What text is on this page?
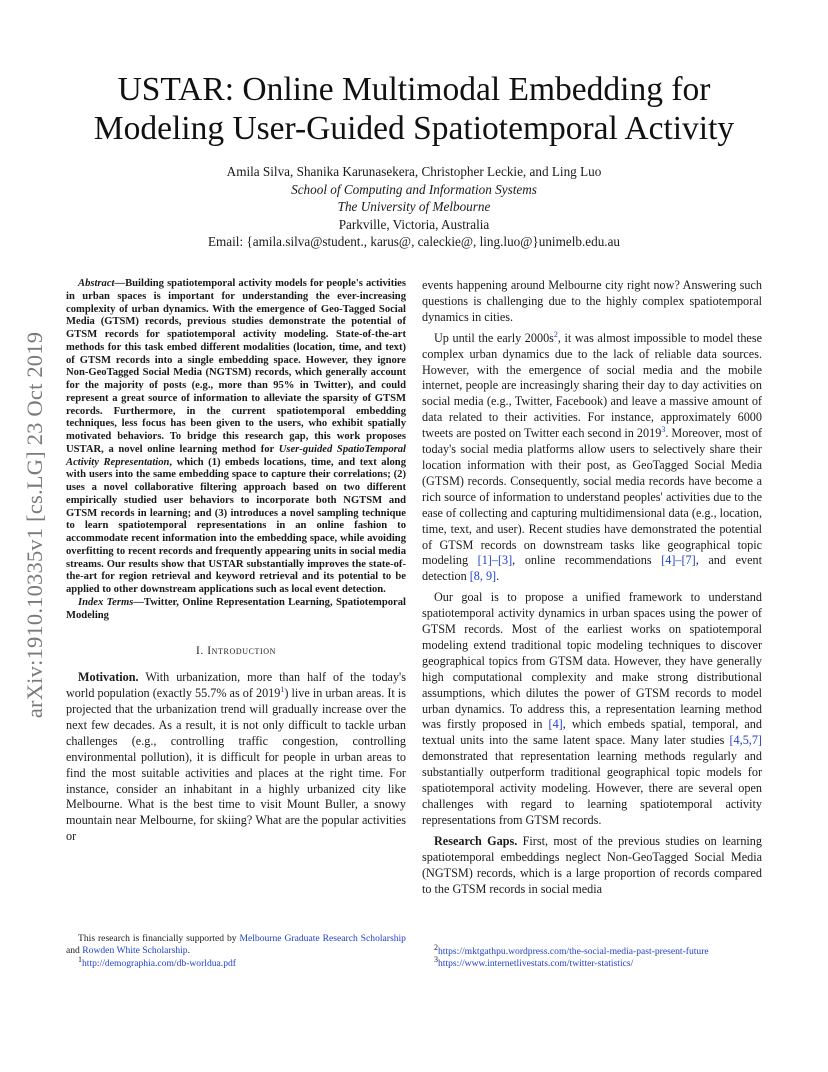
arXiv:1910.10335v1 [cs.LG] 23 Oct 2019
USTAR: Online Multimodal Embedding for
Modeling User-Guided Spatiotemporal Activity
Amila Silva, Shanika Karunasekera, Christopher Leckie, and Ling Luo
School of Computing and Information Systems
The University of Melbourne
Parkville, Victoria, Australia
Email: {amila.silva@student., karus@, caleckie@, ling.luo@}unimelb.edu.au

Abstract—Building spatiotemporal activity models for people's activities in urban spaces is important for understanding the ever-increasing complexity of urban dynamics. With the emergence of Geo-Tagged Social Media (GTSM) records, previous studies demonstrate the potential of GTSM records for spatiotemporal activity modeling. State-of-the-art methods for this task embed different modalities (location, time, and text) of GTSM records into a single embedding space. However, they ignore Non-GeoTagged Social Media (NGTSM) records, which generally account for the majority of posts (e.g., more than 95% in Twitter), and could represent a great source of information to alleviate the sparsity of GTSM records. Furthermore, in the current spatiotemporal embedding techniques, less focus has been given to the users, who exhibit spatially motivated behaviors. To bridge this research gap, this work proposes USTAR, a novel online learning method for User-guided SpatioTemporal Activity Representation, which (1) embeds locations, time, and text along with users into the same embedding space to capture their correlations; (2) uses a novel collaborative filtering approach based on two different empirically studied user behaviors to incorporate both NGTSM and GTSM records in learning; and (3) introduces a novel sampling technique to learn spatiotemporal representations in an online fashion to accommodate recent information into the embedding space, while avoiding overfitting to recent records and frequently appearing units in social media streams. Our results show that USTAR substantially improves the state-of-the-art for region retrieval and keyword retrieval and its potential to be applied to other downstream applications such as local event detection.

Index Terms—Twitter, Online Representation Learning, Spatiotemporal Modeling

I. Introduction

Motivation. With urbanization, more than half of the today's world population (exactly 55.7% as of 2019$^1$) live in urban areas. It is projected that the urbanization trend will gradually increase over the next few decades. As a result, it is not only difficult to tackle urban challenges (e.g., controlling traffic congestion, controlling environmental pollution), it is difficult for people in urban areas to find the most suitable activities and places at the right time. For instance, consider an inhabitant in a highly urbanized city like Melbourne. What is the best time to visit Mount Buller, a snowy mountain near Melbourne, for skiing? What are the popular activities or

events happening around Melbourne city right now? Answering such questions is challenging due to the highly complex spatiotemporal dynamics in cities.

Up until the early $2000s^2$, it was almost impossible to model these complex urban dynamics due to the lack of reliable data sources. However, with the emergence of social media and the mobile internet, people are increasingly sharing their day to day activities on social media (e.g., Twitter, Facebook) and leave a massive amount of data related to their activities. For instance, approximately 6000 tweets are posted on Twitter each second in 2019$^3$. Moreover, most of today's social media platforms allow users to selectively share their location information with their post, as GeoTagged Social Media (GTSM) records. Consequently, social media records have become a rich source of information to understand peoples' activities due to the ease of collecting and capturing multidimensional data (e.g., location, time, text, and user). Recent studies have demonstrated the potential of GTSM records on downstream tasks like geographical topic modeling [1]–[3], online recommendations [4]–[7], and event detection [8, 9].

Our goal is to propose a unified framework to understand spatiotemporal activity dynamics in urban spaces using the power of GTSM records. Most of the earliest works on spatiotemporal modeling extend traditional topic modeling techniques to discover geographical topics from GTSM data. However, they have generally high computational complexity and make strong distributional assumptions, which dilutes the power of GTSM records to model urban dynamics. To address this, a representation learning method was firstly proposed in [4], which embeds spatial, temporal, and textual units into the same latent space. Many later studies [4,5,7] demonstrated that representation learning methods regularly and substantially outperform traditional geographical topic models for spatiotemporal activity modeling. However, there are several open challenges with regard to learning spatiotemporal activity representations from GTSM records.

Research Gaps. First, most of the previous studies on learning spatiotemporal embeddings neglect Non-GeoTagged Social Media (NGTSM) records, which is a large proportion of records compared to the GTSM records in social media

This research is financially supported by Melbourne Graduate Research Scholarship and Rowden White Scholarship.

$^1$http://demographia.com/db-worldua.pdf

$^2$https://mktgathpu.wordpress.com/the-social-media-past-present-future

$^3$https://www.internetlivestats.com/twitter-statistics/
